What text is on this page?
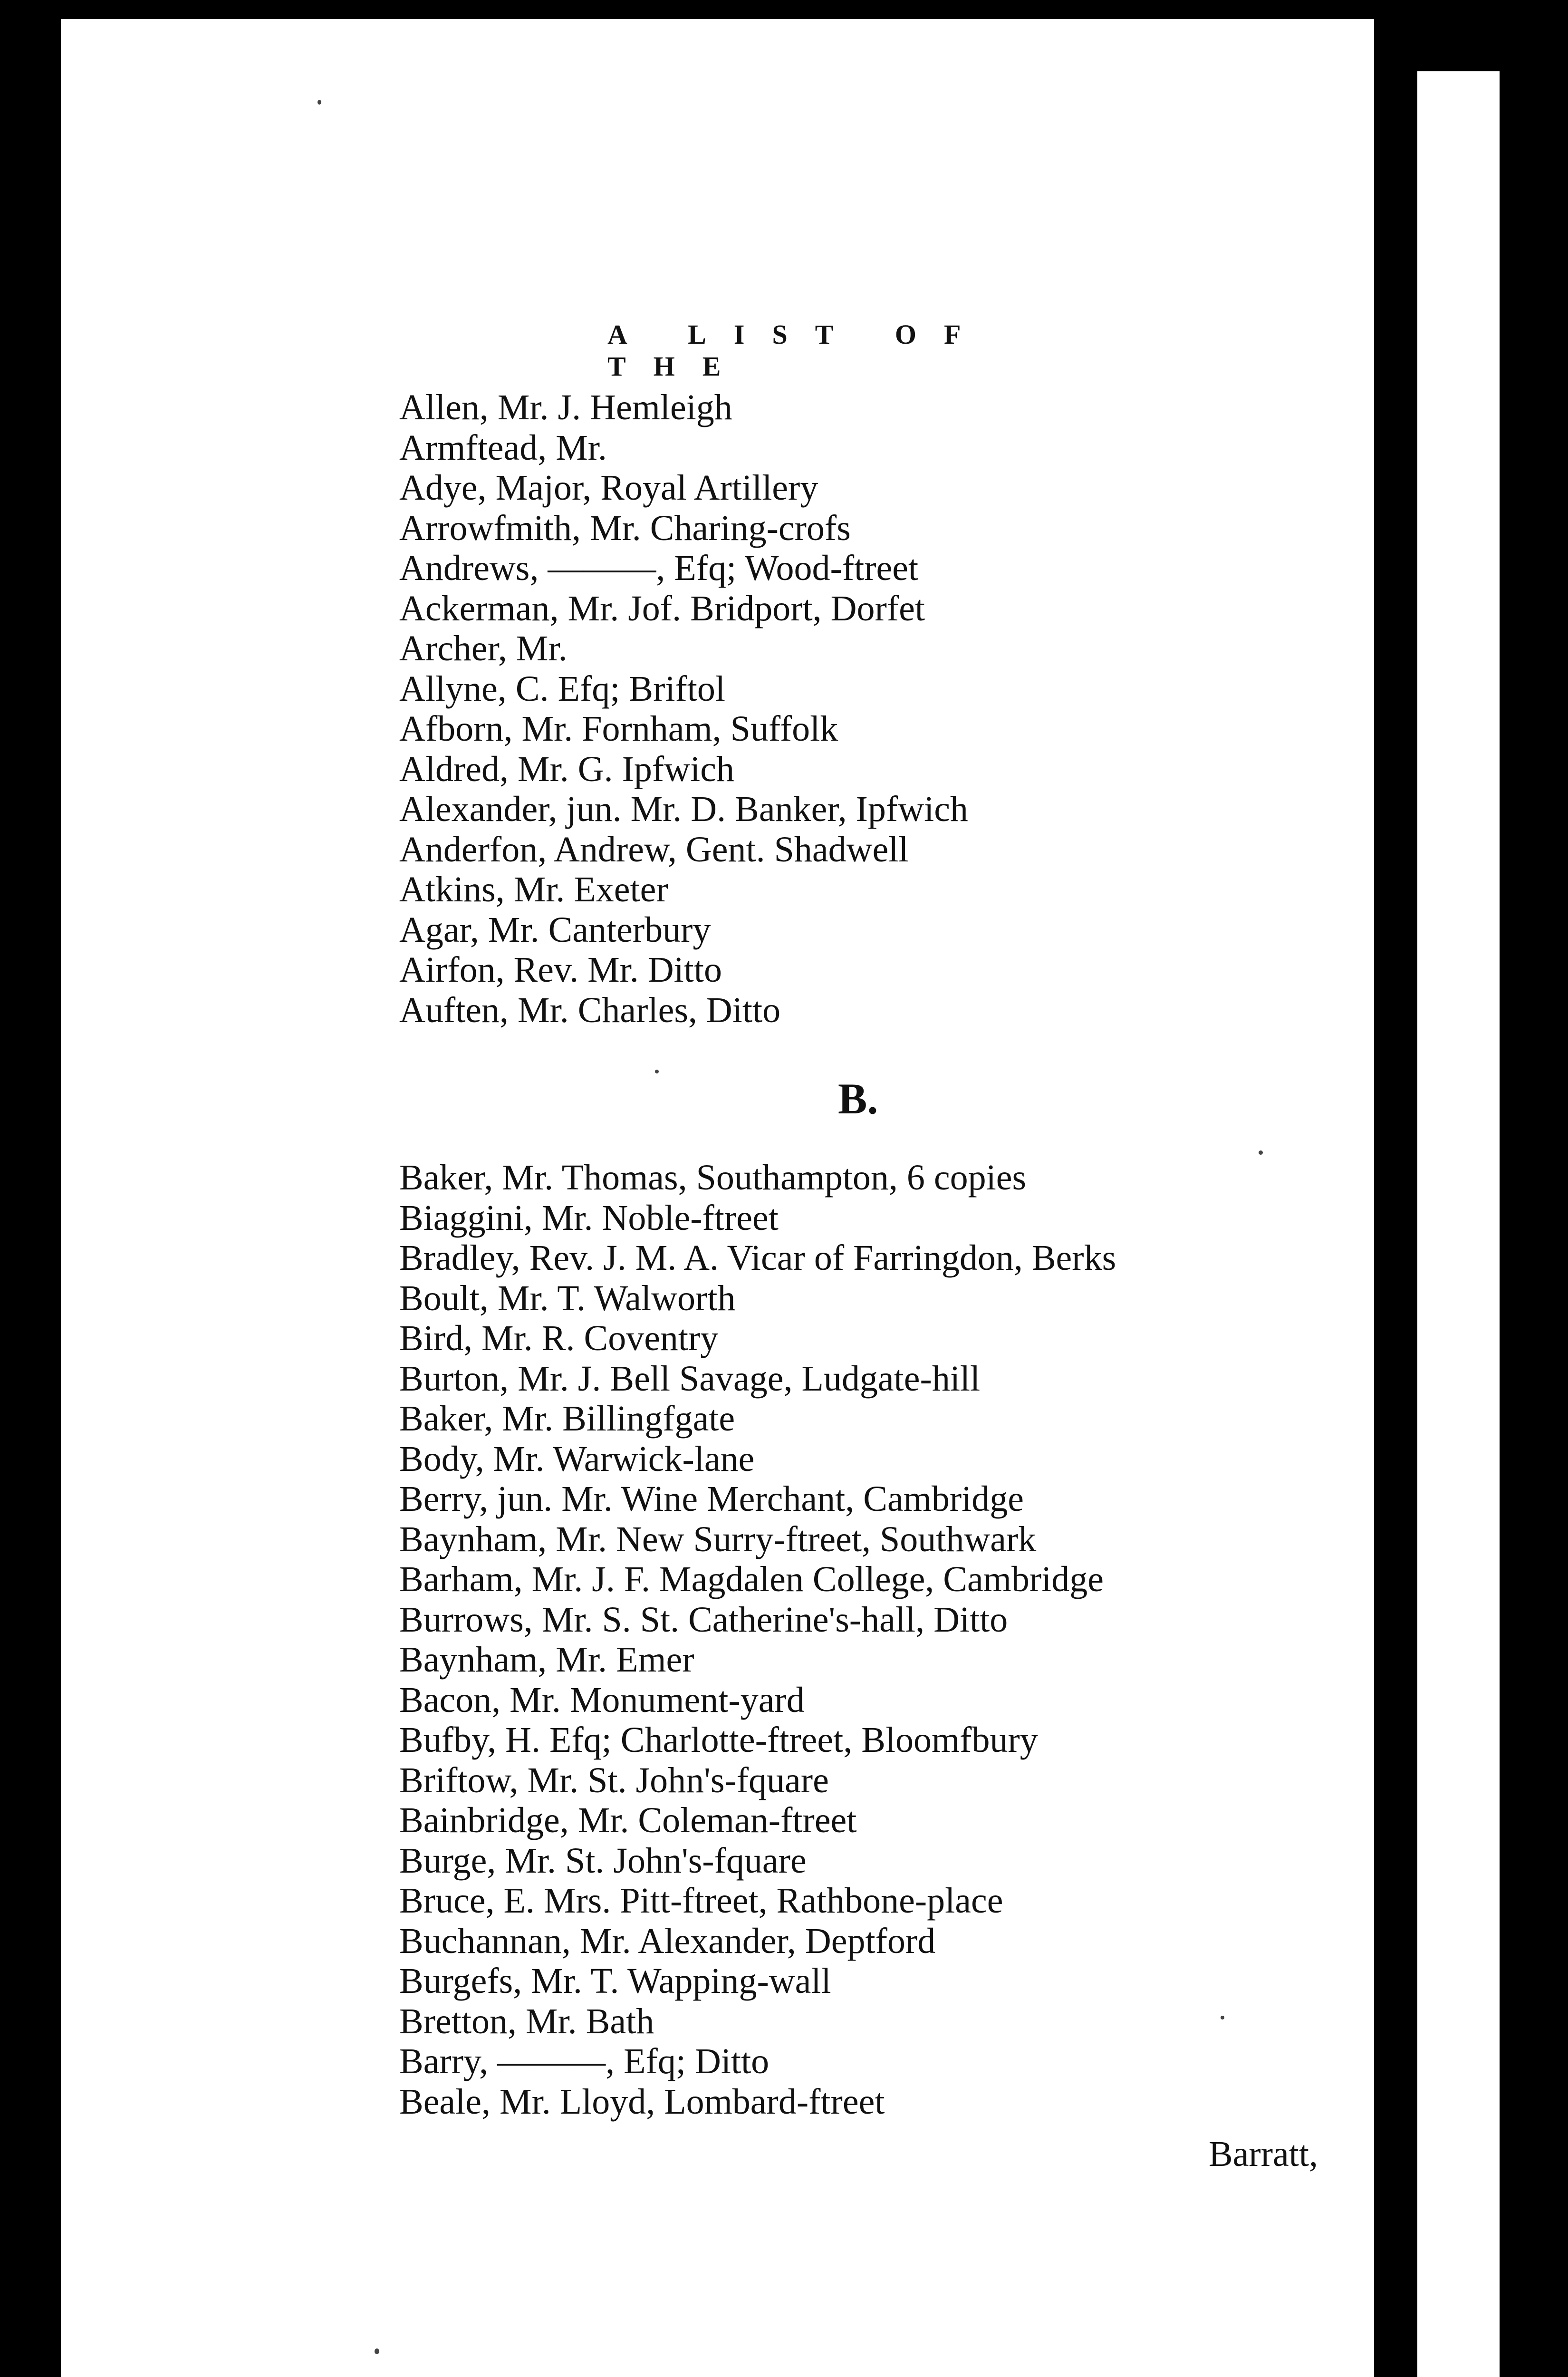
A LIST OF THE
Allen, Mr. J. Hemleigh
Armftead, Mr.
Adye, Major, Royal Artillery
Arrowfmith, Mr. Charing-crofs
Andrews, ———, Efq; Wood-ftreet
Ackerman, Mr. Jof. Bridport, Dorfet
Archer, Mr.
Allyne, C. Efq; Briftol
Afborn, Mr. Fornham, Suffolk
Aldred, Mr. G. Ipfwich
Alexander, jun. Mr. D. Banker, Ipfwich
Anderfon, Andrew, Gent. Shadwell
Atkins, Mr. Exeter
Agar, Mr. Canterbury
Airfon, Rev. Mr. Ditto
Auften, Mr. Charles, Ditto
B.
Baker, Mr. Thomas, Southampton, 6 copies
Biaggini, Mr. Noble-ftreet
Bradley, Rev. J. M. A. Vicar of Farringdon, Berks
Boult, Mr. T. Walworth
Bird, Mr. R. Coventry
Burton, Mr. J. Bell Savage, Ludgate-hill
Baker, Mr. Billingfgate
Body, Mr. Warwick-lane
Berry, jun. Mr. Wine Merchant, Cambridge
Baynham, Mr. New Surry-ftreet, Southwark
Barham, Mr. J. F. Magdalen College, Cambridge
Burrows, Mr. S. St. Catherine's-hall, Ditto
Baynham, Mr. Emer
Bacon, Mr. Monument-yard
Bufby, H. Efq; Charlotte-ftreet, Bloomfbury
Briftow, Mr. St. John's-fquare
Bainbridge, Mr. Coleman-ftreet
Burge, Mr. St. John's-fquare
Bruce, E. Mrs. Pitt-ftreet, Rathbone-place
Buchannan, Mr. Alexander, Deptford
Burgefs, Mr. T. Wapping-wall
Bretton, Mr. Bath
Barry, ———, Efq; Ditto
Beale, Mr. Lloyd, Lombard-ftreet
Barratt,
